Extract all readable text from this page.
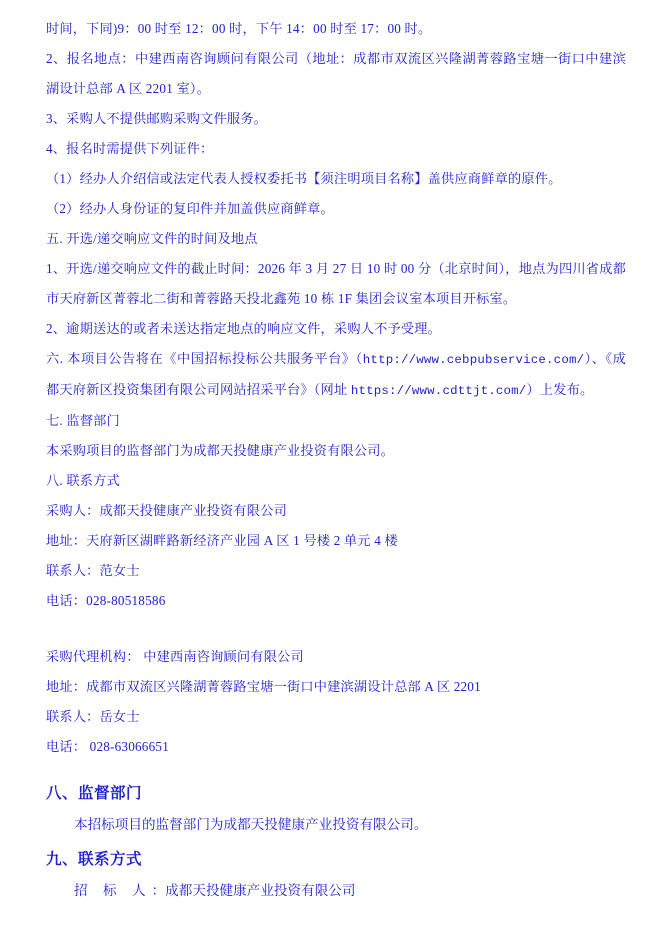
时间，下同)9：00 时至 12：00 时，下午 14：00 时至 17：00 时。

2、报名地点：中建西南咨询顾问有限公司（地址：成都市双流区兴隆湖菁蓉路宝塘一街口中建滨湖设计总部 A 区 2201 室）。

3、采购人不提供邮购采购文件服务。

4、报名时需提供下列证件：

（1）经办人介绍信或法定代表人授权委托书【须注明项目名称】盖供应商鲜章的原件。

（2）经办人身份证的复印件并加盖供应商鲜章。

五. 开选/递交响应文件的时间及地点

1、开选/递交响应文件的截止时间：2026 年 3 月 27 日 10 时 00 分（北京时间），地点为四川省成都市天府新区菁蓉北二街和菁蓉路天投北鑫苑 10 栋 1F 集团会议室本项目开标室。

2、逾期送达的或者未送达指定地点的响应文件，采购人不予受理。

六. 本项目公告将在《中国招标投标公共服务平台》（http://www.cebpubservice.com/）、《成都天府新区投资集团有限公司网站招采平台》（网址 https://www.cdttjt.com/）上发布。

七. 监督部门

本采购项目的监督部门为成都天投健康产业投资有限公司。

八. 联系方式

采购人：成都天投健康产业投资有限公司

地址：天府新区湖畔路新经济产业园 A 区 1 号楼 2 单元 4 楼

联系人：范女士

电话：028-80518586

采购代理机构： 中建西南咨询顾问有限公司

地址：成都市双流区兴隆湖菁蓉路宝塘一街口中建滨湖设计总部 A 区 2201

联系人：岳女士

电话： 028-63066651

八、监督部门

本招标项目的监督部门为成都天投健康产业投资有限公司。

九、联系方式

招 标 人：成都天投健康产业投资有限公司
